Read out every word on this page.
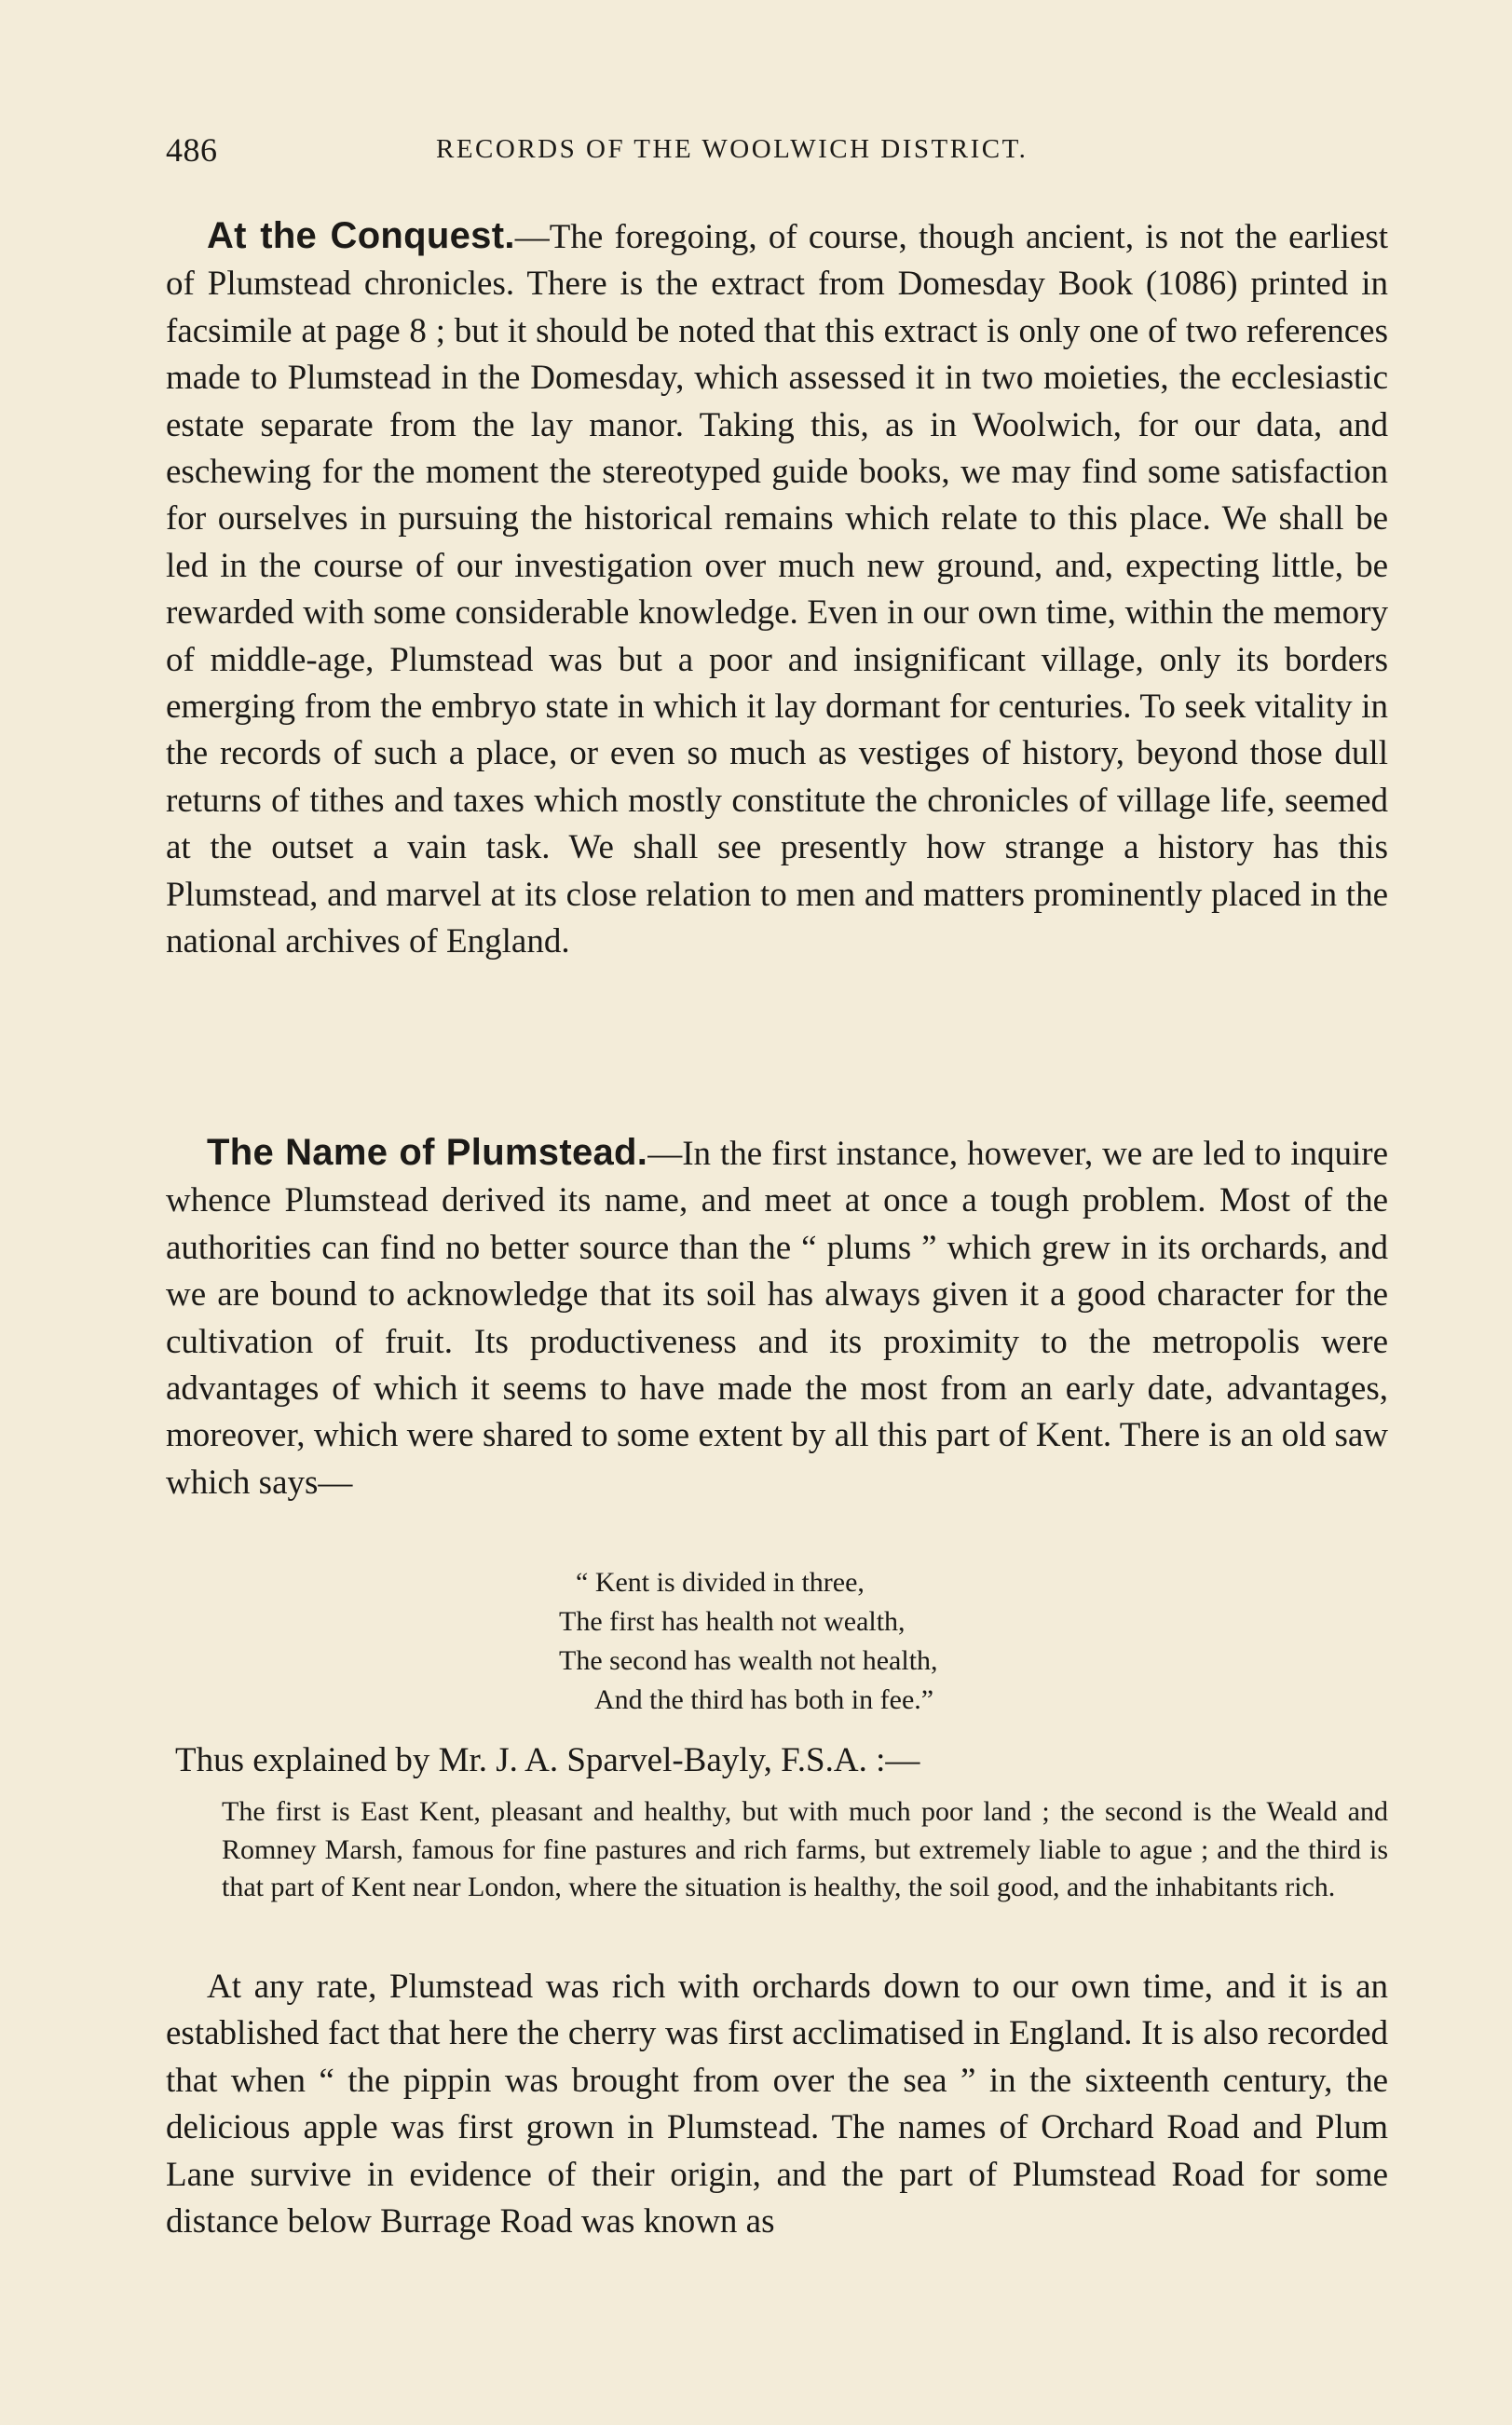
486	RECORDS OF THE WOOLWICH DISTRICT.

At the Conquest.—The foregoing, of course, though ancient, is not the earliest of Plumstead chronicles. There is the extract from Domesday Book (1086) printed in facsimile at page 8 ; but it should be noted that this extract is only one of two references made to Plumstead in the Domesday, which assessed it in two moieties, the ecclesiastic estate separate from the lay manor. Taking this, as in Woolwich, for our data, and eschewing for the moment the stereotyped guide books, we may find some satisfaction for ourselves in pursuing the historical remains which relate to this place. We shall be led in the course of our investigation over much new ground, and, expecting little, be rewarded with some considerable knowledge. Even in our own time, within the memory of middle-age, Plumstead was but a poor and insignificant village, only its borders emerging from the embryo state in which it lay dormant for centuries. To seek vitality in the records of such a place, or even so much as vestiges of history, beyond those dull returns of tithes and taxes which mostly constitute the chronicles of village life, seemed at the outset a vain task. We shall see presently how strange a history has this Plumstead, and marvel at its close relation to men and matters prominently placed in the national archives of England.

The Name of Plumstead.—In the first instance, however, we are led to inquire whence Plumstead derived its name, and meet at once a tough problem. Most of the authorities can find no better source than the “ plums ” which grew in its orchards, and we are bound to acknowledge that its soil has always given it a good character for the cultivation of fruit. Its productiveness and its proximity to the metropolis were advantages of which it seems to have made the most from an early date, advantages, moreover, which were shared to some extent by all this part of Kent. There is an old saw which says—

“ Kent is divided in three,
The first has health not wealth,
The second has wealth not health,
And the third has both in fee.”

Thus explained by Mr. J. A. Sparvel-Bayly, F.S.A. :—

The first is East Kent, pleasant and healthy, but with much poor land ; the second is the Weald and Romney Marsh, famous for fine pastures and rich farms, but extremely liable to ague ; and the third is that part of Kent near London, where the situation is healthy, the soil good, and the inhabitants rich.

At any rate, Plumstead was rich with orchards down to our own time, and it is an established fact that here the cherry was first acclimatised in England. It is also recorded that when “ the pippin was brought from over the sea ” in the sixteenth century, the delicious apple was first grown in Plumstead. The names of Orchard Road and Plum Lane survive in evidence of their origin, and the part of Plumstead Road for some distance below Burrage Road was known as
